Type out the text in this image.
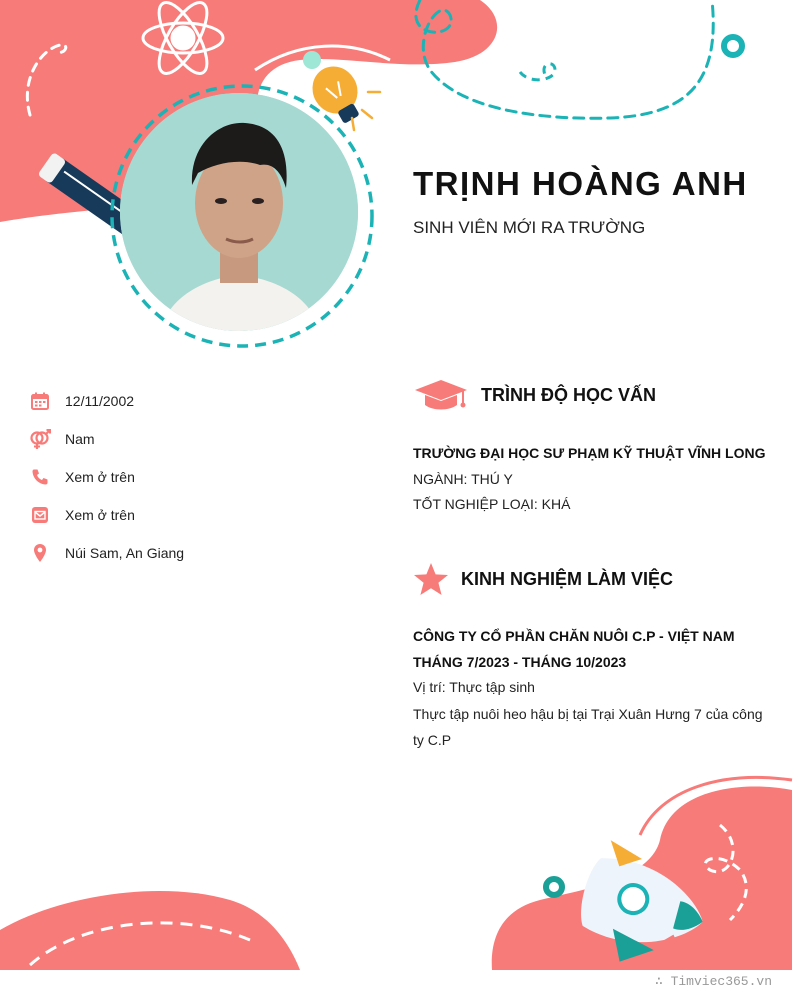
TRỊNH HOÀNG ANH
SINH VIÊN MỚI RA TRƯỜNG
12/11/2002
Nam
Xem ở trên
Xem ở trên
Núi Sam, An Giang
TRÌNH ĐỘ HỌC VẤN
TRƯỜNG ĐẠI HỌC SƯ PHẠM KỸ THUẬT VĨNH LONG
NGÀNH: THÚ Y
TỐT NGHIỆP LOẠI: KHÁ
KINH NGHIỆM LÀM VIỆC
CÔNG TY CỔ PHẦN CHĂN NUÔI C.P - VIỆT NAM
THÁNG 7/2023 - THÁNG 10/2023
Vị trí: Thực tập sinh
Thực tập nuôi heo hậu bị tại Trại Xuân Hưng 7 của công ty C.P
∴ Timviec365.vn
